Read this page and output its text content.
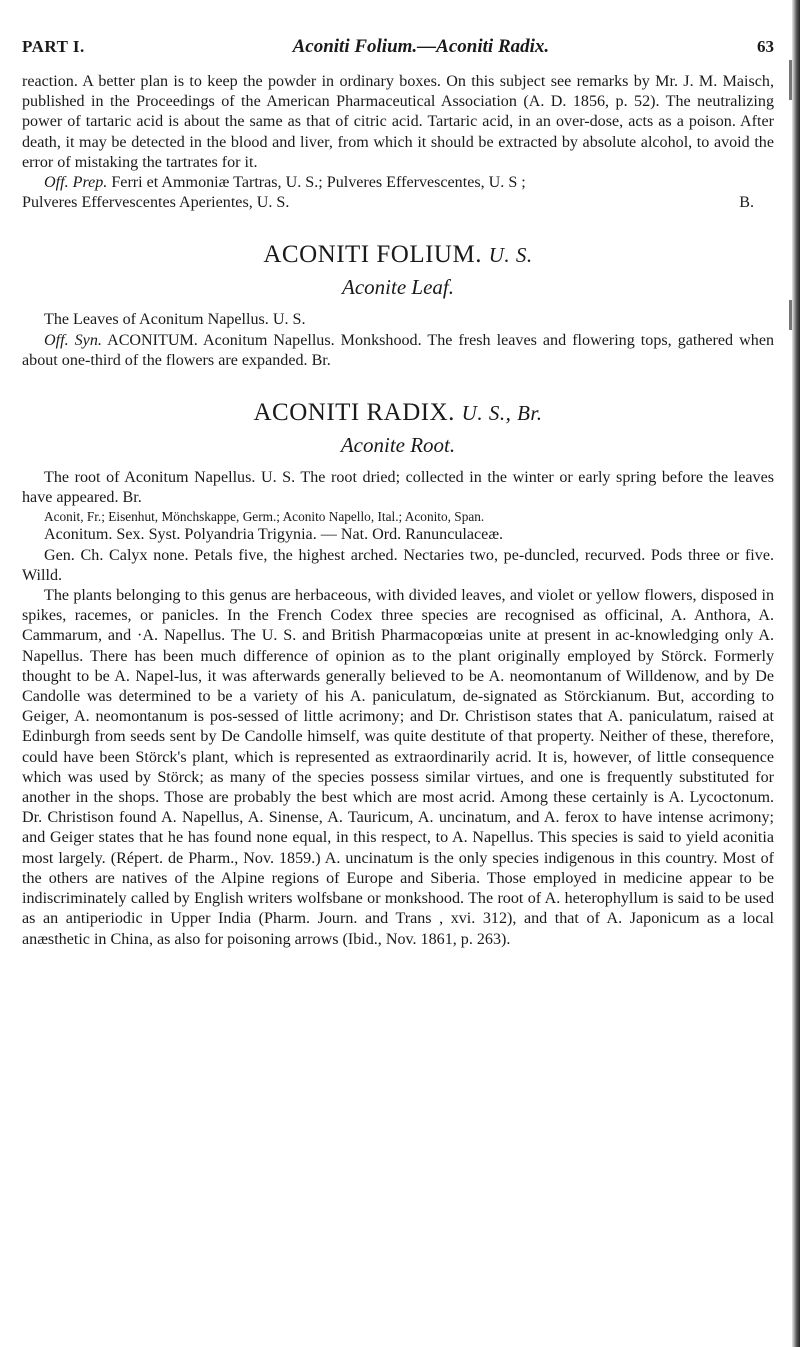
PART I.	Aconiti Folium.—Aconiti Radix.	63

reaction. A better plan is to keep the powder in ordinary boxes. On this subject see remarks by Mr. J. M. Maisch, published in the Proceedings of the American Pharmaceutical Association (A. D. 1856, p. 52). The neutralizing power of tartaric acid is about the same as that of citric acid. Tartaric acid, in an over-dose, acts as a poison. After death, it may be detected in the blood and liver, from which it should be extracted by absolute alcohol, to avoid the error of mistaking the tartrates for it.

Off. Prep. Ferri et Ammoniæ Tartras, U. S.; Pulveres Effervescentes, U. S ;

Pulveres Effervescentes Aperientes, U. S.	B.

ACONITI FOLIUM. U. S.
Aconite Leaf.

The Leaves of Aconitum Napellus. U. S.

Off. Syn. ACONITUM. Aconitum Napellus. Monkshood. The fresh leaves and flowering tops, gathered when about one-third of the flowers are expanded. Br.

ACONITI RADIX. U. S., Br.
Aconite Root.

The root of Aconitum Napellus. U. S. The root dried; collected in the winter or early spring before the leaves have appeared. Br.

Aconit, Fr.; Eisenhut, Mönchskappe, Germ.; Aconito Napello, Ital.; Aconito, Span.

Aconitum. Sex. Syst. Polyandria Trigynia. — Nat. Ord. Ranunculaceæ.

Gen. Ch. Calyx none. Petals five, the highest arched. Nectaries two, pe-duncled, recurved. Pods three or five. Willd.

The plants belonging to this genus are herbaceous, with divided leaves, and violet or yellow flowers, disposed in spikes, racemes, or panicles. In the French Codex three species are recognised as officinal, A. Anthora, A. Cammarum, and ·A. Napellus. The U. S. and British Pharmacopœias unite at present in ac-knowledging only A. Napellus. There has been much difference of opinion as to the plant originally employed by Störck. Formerly thought to be A. Napel-lus, it was afterwards generally believed to be A. neomontanum of Willdenow, and by De Candolle was determined to be a variety of his A. paniculatum, de-signated as Störckianum. But, according to Geiger, A. neomontanum is pos-sessed of little acrimony; and Dr. Christison states that A. paniculatum, raised at Edinburgh from seeds sent by De Candolle himself, was quite destitute of that property. Neither of these, therefore, could have been Störck's plant, which is represented as extraordinarily acrid. It is, however, of little consequence which was used by Störck; as many of the species possess similar virtues, and one is frequently substituted for another in the shops. Those are probably the best which are most acrid. Among these certainly is A. Lycoctonum. Dr. Christison found A. Napellus, A. Sinense, A. Tauricum, A. uncinatum, and A. ferox to have intense acrimony; and Geiger states that he has found none equal, in this respect, to A. Napellus. This species is said to yield aconitia most largely. (Répert. de Pharm., Nov. 1859.) A. uncinatum is the only species indigenous in this country. Most of the others are natives of the Alpine regions of Europe and Siberia. Those employed in medicine appear to be indiscriminately called by English writers wolfsbane or monkshood. The root of A. heterophyllum is said to be used as an antiperiodic in Upper India (Pharm. Journ. and Trans , xvi. 312), and that of A. Japonicum as a local anæsthetic in China, as also for poisoning arrows (Ibid., Nov. 1861, p. 263).
